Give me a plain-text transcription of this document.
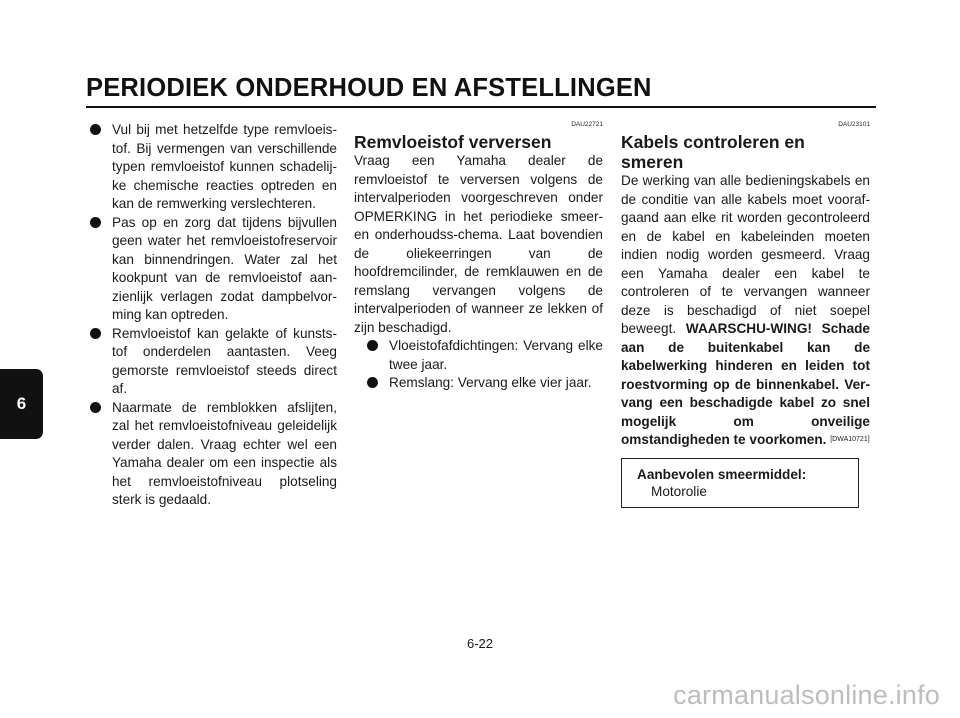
PERIODIEK ONDERHOUD EN AFSTELLINGEN
6
Vul bij met hetzelfde type remvloeis-tof. Bij vermengen van verschillende typen remvloeistof kunnen schadelij-ke chemische reacties optreden en kan de remwerking verslechteren.
Pas op en zorg dat tijdens bijvullen geen water het remvloeistofreservoir kan binnendringen. Water zal het kookpunt van de remvloeistof aan-zienlijk verlagen zodat dampbelvor-ming kan optreden.
Remvloeistof kan gelakte of kunsts-tof onderdelen aantasten. Veeg gemorste remvloeistof steeds direct af.
Naarmate de remblokken afslijten, zal het remvloeistofniveau geleidelijk verder dalen. Vraag echter wel een Yamaha dealer om een inspectie als het remvloeistofniveau plotseling sterk is gedaald.
DAU22721
Remvloeistof verversen

Vraag een Yamaha dealer de remvloeistof te verversen volgens de intervalperioden voorgeschreven onder OPMERKING in het periodieke smeer- en onderhoudss-chema. Laat bovendien de oliekeerringen van de hoofdremcilinder, de remklauwen en de remslang vervangen volgens de intervalperioden of wanneer ze lekken of zijn beschadigd.

Vloeistofafdichtingen: Vervang elke twee jaar.
Remslang: Vervang elke vier jaar.
DAU23101
Kabels controleren en smeren

De werking van alle bedieningskabels en de conditie van alle kabels moet vooraf-gaand aan elke rit worden gecontroleerd en de kabel en kabeleinden moeten indien nodig worden gesmeerd. Vraag een Yamaha dealer een kabel te controleren of te vervangen wanneer deze is beschadigd of niet soepel beweegt. WAARSCHU-WING! Schade aan de buitenkabel kan de kabelwerking hinderen en leiden tot roestvorming op de binnenkabel. Ver-vang een beschadigde kabel zo snel mogelijk om onveilige omstandigheden te voorkomen. [DWA10721]

Aanbevolen smeermiddel:
Motorolie
6-22
carmanualsonline.info
